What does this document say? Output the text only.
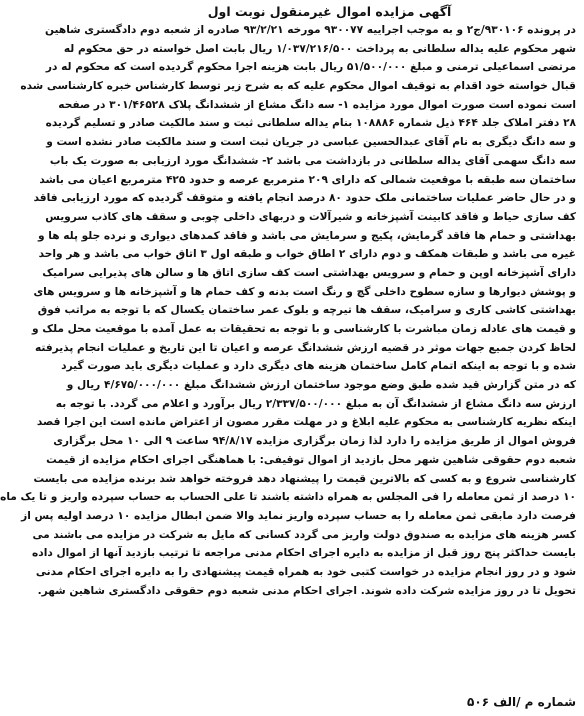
آگهی مزایده اموال غیرمنقول نوبت اول
در پرونده ۹۳۰۱۰۶/ج۲ و به موجب اجراییه ۹۳۰۰۷۷ مورخه ۹۳/۲/۲۱ صادره از شعبه دوم دادگستری شاهین
شهر محکوم علیه یداله سلطانی به پرداخت ۱/۰۳۷/۲۱۶/۵۰۰ ریال بابت اصل خواسته در حق محکوم له
مرتضی اسماعیلی ترمنی و مبلغ ۵۱/۵۰۰/۰۰۰ ریال بابت هزینه اجرا محکوم گردیده است که محکوم له در
قبال خواسته خود اقدام به توقیف اموال محکوم علیه که به شرح زیر توسط کارشناس خبره کارشناسی شده
است نموده است صورت اموال مورد مزایده ۱- سه دانگ مشاع از ششدانگ پلاک ۳۰۱/۴۶۵۲۸ در صفحه
۲۸ دفتر املاک جلد ۴۶۴ ذیل شماره ۱۰۸۸۸۶ بنام یداله سلطانی ثبت و سند مالکیت صادر و تسلیم گردیده
و سه دانگ دیگری به نام آقای عبدالحسین عباسی در جریان ثبت است و سند مالکیت صادر نشده است و
سه دانگ سهمی آقای یداله سلطانی در بازداشت می باشد ۲- ششدانگ مورد ارزیابی به صورت یک باب
ساختمان سه طبقه با موقعیت شمالی که دارای ۲۰۹ مترمربع عرصه و حدود ۴۲۵ مترمربع اعیان می باشد
و در حال حاضر عملیات ساختمانی ملک حدود ۸۰ درصد انجام یافته و متوقف گردیده که مورد ارزیابی فاقد
کف سازی حیاط و فاقد کابینت آشپزخانه و شیرآلات و دربهای داخلی چوبی و سقف های کاذب سرویس
بهداشتی و حمام ها فاقد گرمایش، پکیج و سرمایش می باشد و فاقد کمدهای دیواری و نرده جلو پله ها و
غیره می باشد و طبقات همکف و دوم دارای ۲ اطاق خواب و طبقه اول ۳ اتاق خواب می باشد و هر واحد
دارای آشپزخانه اوپن و حمام و سرویس بهداشتی است کف سازی اتاق ها و سالن های پذیرایی سرامیک
و پوشش دیوارها و سازه سطوح داخلی گچ و رنگ است بدنه و کف حمام ها و آشپزخانه ها و سرویس های
بهداشتی کاشی کاری و سرامیک، سقف ها تیرچه و بلوک عمر ساختمان یکسال که با توجه به مراتب فوق
و قیمت های عادله زمان مباشرت با کارشناسی و با توجه به تحقیقات به عمل آمده با موقعیت محل ملک و
لحاظ کردن جمیع جهات موثر در قضیه ارزش ششدانگ عرصه و اعیان تا این تاریخ و عملیات انجام پذیرفته
شده و با توجه به اینکه اتمام کامل ساختمان هزینه های دیگری دارد و عملیات دیگری باید صورت گیرد
که در متن گزارش قید شده طبق وضع موجود ساختمان ارزش ششدانگ مبلغ ۴/۶۷۵/۰۰۰/۰۰۰ ریال و
ارزش سه دانگ مشاع از ششدانگ آن به مبلغ ۲/۳۳۷/۵۰۰/۰۰۰ ریال برآورد و اعلام می گردد. با توجه به
اینکه نظریه کارشناسی به محکوم علیه ابلاغ و در مهلت مقرر مصون از اعتراض مانده است این اجرا قصد
فروش اموال از طریق مزایده را دارد لذا زمان برگزاری مزایده ۹۴/۸/۱۷ ساعت ۹ الی ۱۰ محل برگزاری
شعبه دوم حقوقی شاهین شهر محل بازدید از اموال توقیفی: با هماهنگی اجرای احکام مزایده از قیمت
کارشناسی شروع و به کسی که بالاترین قیمت را پیشنهاد دهد فروخته خواهد شد برنده مزایده می بایست
۱۰ درصد از ثمن معامله را فی المجلس به همراه داشته باشند تا علی الحساب به حساب سپرده واریز و تا یک ماه
فرصت دارد مابقی ثمن معامله را به حساب سپرده واریز نماید والا ضمن ابطال مزایده ۱۰ درصد اولیه پس از
کسر هزینه های مزایده به صندوق دولت واریز می گردد کسانی که مایل به شرکت در مزایده می باشند می
بایست حداکثر پنج روز قبل از مزایده به دایره اجرای احکام مدنی مراجعه تا ترتیب بازدید آنها از اموال داده
شود و در روز انجام مزایده در خواست کتبی خود به همراه قیمت پیشنهادی را به دایره اجرای احکام مدنی
تحویل تا در روز مزایده شرکت داده شوند. اجرای احکام مدنی شعبه دوم حقوقی دادگستری شاهین شهر.
شماره م /الف ۵۰۶
